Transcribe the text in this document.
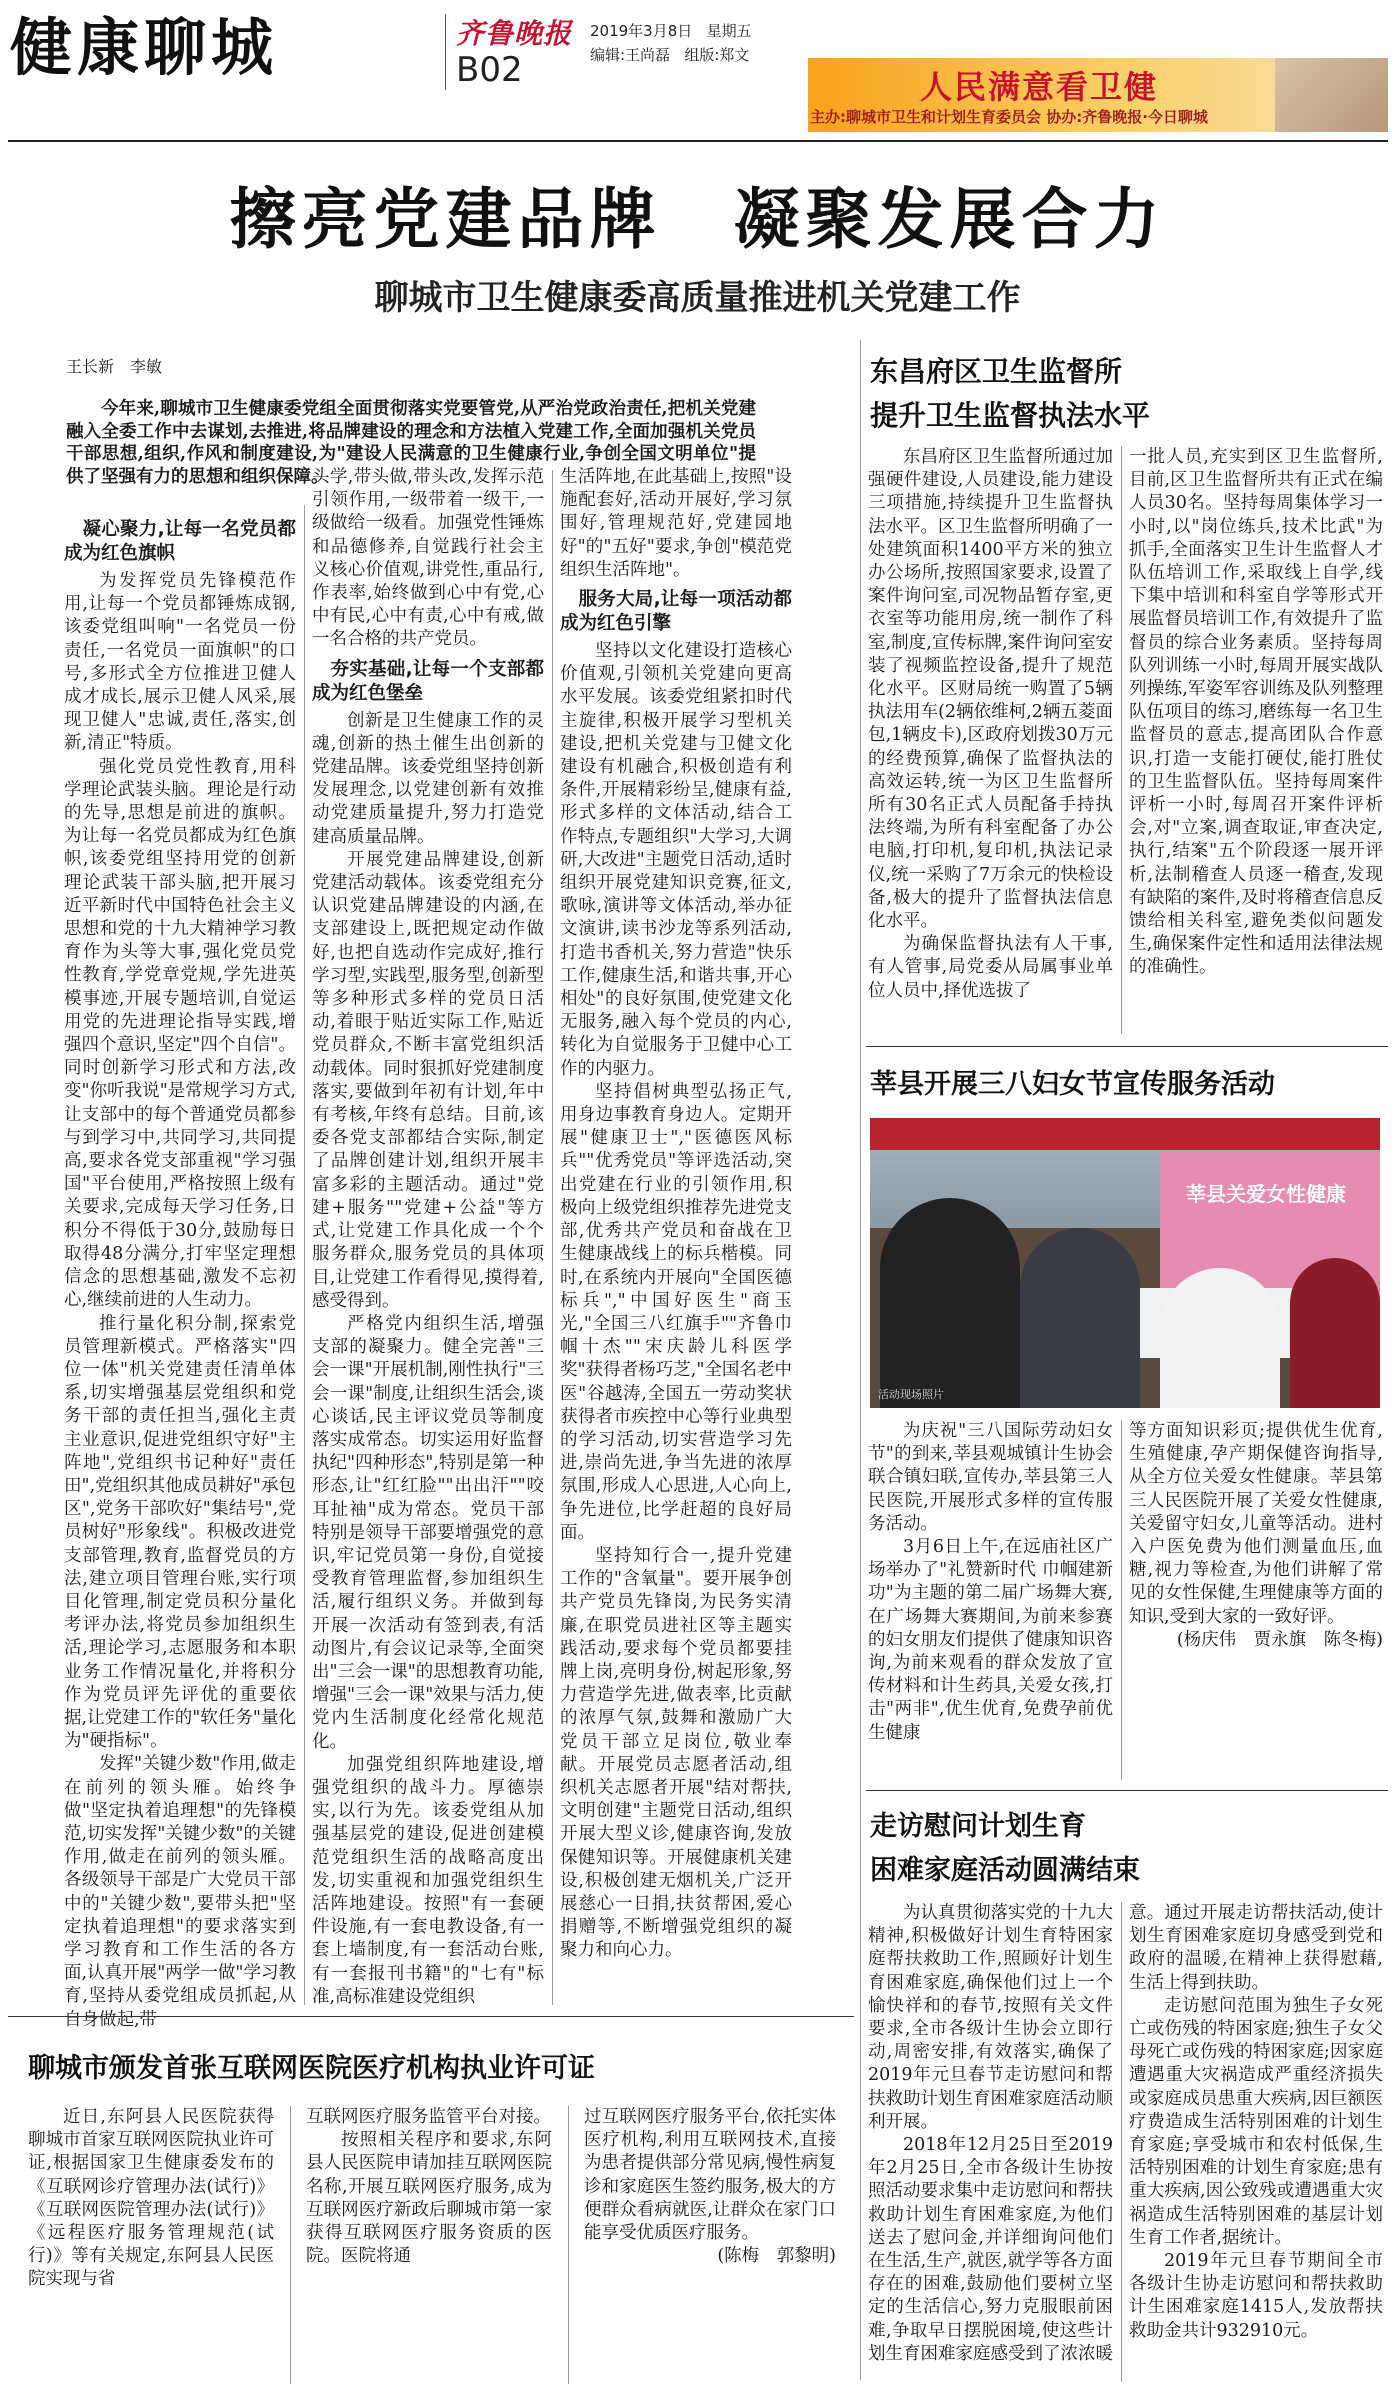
健康聊城	齐鲁晚报
B02
2019年3月8日 星期五
编辑:王尚磊 组版:郑文
人民满意看卫健
主办:聊城市卫生和计划生育委员会 协办:齐鲁晚报·今日聊城
擦亮党建品牌　凝聚发展合力
聊城市卫生健康委高质量推进机关党建工作
王长新　李敏

今年来,聊城市卫生健康委党组全面贯彻落实党要管党,从严治党政治责任,把机关党建融入全委工作中去谋划,去推进,将品牌建设的理念和方法植入党建工作,全面加强机关党员干部思想,组织,作风和制度建设,为"建设人民满意的卫生健康行业,争创全国文明单位"提供了坚强有力的思想和组织保障。

凝心聚力,让每一名党员都成为红色旗帜

为发挥党员先锋模范作用,让每一个党员都锤炼成钢,该委党组叫响"一名党员一份责任,一名党员一面旗帜"的口号,多形式全方位推进卫健人成才成长,展示卫健人风采,展现卫健人"忠诚,责任,落实,创新,清正"特质。

强化党员党性教育,用科学理论武装头脑。理论是行动的先导,思想是前进的旗帜。为让每一名党员都成为红色旗帜,该委党组坚持用党的创新理论武装干部头脑,把开展习近平新时代中国特色社会主义思想和党的十九大精神学习教育作为头等大事,强化党员党性教育,学党章党规,学先进英模事迹,开展专题培训,自觉运用党的先进理论指导实践,增强四个意识,坚定"四个自信"。同时创新学习形式和方法,改变"你听我说"是常规学习方式,让支部中的每个普通党员都参与到学习中,共同学习,共同提高,要求各党支部重视"学习强国"平台使用,严格按照上级有关要求,完成每天学习任务,日积分不得低于30分,鼓励每日取得48分满分,打牢坚定理想信念的思想基础,激发不忘初心,继续前进的人生动力。

推行量化积分制,探索党员管理新模式。严格落实"四位一体"机关党建责任清单体系,切实增强基层党组织和党务干部的责任担当,强化主责主业意识,促进党组织守好"主阵地",党组织书记种好"责任田",党组织其他成员耕好"承包区",党务干部吹好"集结号",党员树好"形象线"。积极改进党支部管理,教育,监督党员的方法,建立项目管理台账,实行项目化管理,制定党员积分量化考评办法,将党员参加组织生活,理论学习,志愿服务和本职业务工作情况量化,并将积分作为党员评先评优的重要依据,让党建工作的"软任务"量化为"硬指标"。

发挥"关键少数"作用,做走在前列的领头雁。始终争做"坚定执着追理想"的先锋模范,切实发挥"关键少数"的关键作用,做走在前列的领头雁。各级领导干部是广大党员干部中的"关键少数",要带头把"坚定执着追理想"的要求落实到学习教育和工作生活的各方面,认真开展"两学一做"学习教育,坚持从委党组成员抓起,从自身做起,带

头学,带头做,带头改,发挥示范引领作用,一级带着一级干,一级做给一级看。加强党性锤炼和品德修养,自觉践行社会主义核心价值观,讲党性,重品行,作表率,始终做到心中有党,心中有民,心中有责,心中有戒,做一名合格的共产党员。

夯实基础,让每一个支部都成为红色堡垒

创新是卫生健康工作的灵魂,创新的热土催生出创新的党建品牌。该委党组坚持创新发展理念,以党建创新有效推动党建质量提升,努力打造党建高质量品牌。

开展党建品牌建设,创新党建活动载体。该委党组充分认识党建品牌建设的内涵,在支部建设上,既把规定动作做好,也把自选动作完成好,推行学习型,实践型,服务型,创新型等多种形式多样的党员日活动,着眼于贴近实际工作,贴近党员群众,不断丰富党组织活动载体。同时狠抓好党建制度落实,要做到年初有计划,年中有考核,年终有总结。目前,该委各党支部都结合实际,制定了品牌创建计划,组织开展丰富多彩的主题活动。通过"党建+服务""党建+公益"等方式,让党建工作具化成一个个服务群众,服务党员的具体项目,让党建工作看得见,摸得着,感受得到。

严格党内组织生活,增强支部的凝聚力。健全完善"三会一课"开展机制,刚性执行"三会一课"制度,让组织生活会,谈心谈话,民主评议党员等制度落实成常态。切实运用好监督执纪"四种形态",特别是第一种形态,让"红红脸""出出汗""咬耳扯袖"成为常态。党员干部特别是领导干部要增强党的意识,牢记党员第一身份,自觉接受教育管理监督,参加组织生活,履行组织义务。并做到每开展一次活动有签到表,有活动图片,有会议记录等,全面突出"三会一课"的思想教育功能,增强"三会一课"效果与活力,使党内生活制度化经常化规范化。

加强党组织阵地建设,增强党组织的战斗力。厚德崇实,以行为先。该委党组从加强基层党的建设,促进创建模范党组织生活的战略高度出发,切实重视和加强党组织生活阵地建设。按照"有一套硬件设施,有一套电教设备,有一套上墙制度,有一套活动台账,有一套报刊书籍"的"七有"标准,高标准建设党组织

生活阵地,在此基础上,按照"设施配套好,活动开展好,学习氛围好,管理规范好,党建园地好"的"五好"要求,争创"模范党组织生活阵地"。

服务大局,让每一项活动都成为红色引擎

坚持以文化建设打造核心价值观,引领机关党建向更高水平发展。该委党组紧扣时代主旋律,积极开展学习型机关建设,把机关党建与卫健文化建设有机融合,积极创造有利条件,开展精彩纷呈,健康有益,形式多样的文体活动,结合工作特点,专题组织"大学习,大调研,大改进"主题党日活动,适时组织开展党建知识竞赛,征文,歌咏,演讲等文体活动,举办征文演讲,读书沙龙等系列活动,打造书香机关,努力营造"快乐工作,健康生活,和谐共事,开心相处"的良好氛围,使党建文化无服务,融入每个党员的内心,转化为自觉服务于卫健中心工作的内驱力。

坚持倡树典型弘扬正气,用身边事教育身边人。定期开展"健康卫士","医德医风标兵""优秀党员"等评选活动,突出党建在行业的引领作用,积极向上级党组织推荐先进党支部,优秀共产党员和奋战在卫生健康战线上的标兵楷模。同时,在系统内开展向"全国医德标兵","中国好医生"商玉光,"全国三八红旗手""齐鲁巾帼十杰""宋庆龄儿科医学奖"获得者杨巧芝,"全国名老中医"谷越涛,全国五一劳动奖状获得者市疾控中心等行业典型的学习活动,切实营造学习先进,崇尚先进,争当先进的浓厚氛围,形成人心思进,人心向上,争先进位,比学赶超的良好局面。

坚持知行合一,提升党建工作的"含氧量"。要开展争创共产党员先锋岗,为民务实清廉,在职党员进社区等主题实践活动,要求每个党员都要挂牌上岗,亮明身份,树起形象,努力营造学先进,做表率,比贡献的浓厚气氛,鼓舞和激励广大党员干部立足岗位,敬业奉献。开展党员志愿者活动,组织机关志愿者开展"结对帮扶,文明创建"主题党日活动,组织开展大型义诊,健康咨询,发放保健知识等。开展健康机关建设,积极创建无烟机关,广泛开展慈心一日捐,扶贫帮困,爱心捐赠等,不断增强党组织的凝聚力和向心力。

东昌府区卫生监督所
提升卫生监督执法水平

东昌府区卫生监督所通过加强硬件建设,人员建设,能力建设三项措施,持续提升卫生监督执法水平。区卫生监督所明确了一处建筑面积1400平方米的独立办公场所,按照国家要求,设置了案件询问室,司况物品暂存室,更衣室等功能用房,统一制作了科室,制度,宣传标牌,案件询问室安装了视频监控设备,提升了规范化水平。区财局统一购置了5辆执法用车(2辆依维柯,2辆五菱面包,1辆皮卡),区政府划拨30万元的经费预算,确保了监督执法的高效运转,统一为区卫生监督所所有30名正式人员配备手持执法终端,为所有科室配备了办公电脑,打印机,复印机,执法记录仪,统一采购了7万余元的快检设备,极大的提升了监督执法信息化水平。

为确保监督执法有人干事,有人管事,局党委从局属事业单位人员中,择优选拔了

一批人员,充实到区卫生监督所,目前,区卫生监督所共有正式在编人员30名。坚持每周集体学习一小时,以"岗位练兵,技术比武"为抓手,全面落实卫生计生监督人才队伍培训工作,采取线上自学,线下集中培训和科室自学等形式开展监督员培训工作,有效提升了监督员的综合业务素质。坚持每周队列训练一小时,每周开展实战队列操练,军姿军容训练及队列整理队伍项目的练习,磨练每一名卫生监督员的意志,提高团队合作意识,打造一支能打硬仗,能打胜仗的卫生监督队伍。坚持每周案件评析一小时,每周召开案件评析会,对"立案,调查取证,审查决定,执行,结案"五个阶段逐一展开评析,法制稽查人员逐一稽查,发现有缺陷的案件,及时将稽查信息反馈给相关科室,避免类似问题发生,确保案件定性和适用法律法规的准确性。

莘县开展三八妇女节宣传服务活动
莘县关爱女性健康
活动现场照片

为庆祝"三八国际劳动妇女节"的到来,莘县观城镇计生协会联合镇妇联,宣传办,莘县第三人民医院,开展形式多样的宣传服务活动。

3月6日上午,在远庙社区广场举办了"礼赞新时代 巾帼建新功"为主题的第二届广场舞大赛,在广场舞大赛期间,为前来参赛的妇女朋友们提供了健康知识咨询,为前来观看的群众发放了宣传材料和计生药具,关爱女孩,打击"两非",优生优育,免费孕前优生健康

等方面知识彩页;提供优生优育,生殖健康,孕产期保健咨询指导,从全方位关爱女性健康。莘县第三人民医院开展了关爱女性健康,关爱留守妇女,儿童等活动。进村入户医免费为他们测量血压,血糖,视力等检查,为他们讲解了常见的女性保健,生理健康等方面的知识,受到大家的一致好评。

(杨庆伟　贾永旗　陈冬梅)

走访慰问计划生育
困难家庭活动圆满结束

为认真贯彻落实党的十九大精神,积极做好计划生育特困家庭帮扶救助工作,照顾好计划生育困难家庭,确保他们过上一个愉快祥和的春节,按照有关文件要求,全市各级计生协会立即行动,周密安排,有效落实,确保了2019年元旦春节走访慰问和帮扶救助计划生育困难家庭活动顺利开展。

2018年12月25日至2019年2月25日,全市各级计生协按照活动要求集中走访慰问和帮扶救助计划生育困难家庭,为他们送去了慰问金,并详细询问他们在生活,生产,就医,就学等各方面存在的困难,鼓励他们要树立坚定的生活信心,努力克服眼前困难,争取早日摆脱困境,使这些计划生育困难家庭感受到了浓浓暖

意。通过开展走访帮扶活动,使计划生育困难家庭切身感受到党和政府的温暖,在精神上获得慰藉,生活上得到扶助。

走访慰问范围为独生子女死亡或伤残的特困家庭;独生子女父母死亡或伤残的特困家庭;因家庭遭遇重大灾祸造成严重经济损失或家庭成员患重大疾病,因巨额医疗费造成生活特别困难的计划生育家庭;享受城市和农村低保,生活特别困难的计划生育家庭;患有重大疾病,因公致残或遭遇重大灾祸造成生活特别困难的基层计划生育工作者,据统计。

2019年元旦春节期间全市各级计生协走访慰问和帮扶救助计生困难家庭1415人,发放帮扶救助金共计932910元。

聊城市颁发首张互联网医院医疗机构执业许可证

近日,东阿县人民医院获得聊城市首家互联网医院执业许可证,根据国家卫生健康委发布的《互联网诊疗管理办法(试行)》《互联网医院管理办法(试行)》《远程医疗服务管理规范(试行)》等有关规定,东阿县人民医院实现与省

互联网医疗服务监管平台对接。

按照相关程序和要求,东阿县人民医院申请加挂互联网医院名称,开展互联网医疗服务,成为互联网医疗新政后聊城市第一家获得互联网医疗服务资质的医院。医院将通

过互联网医疗服务平台,依托实体医疗机构,利用互联网技术,直接为患者提供部分常见病,慢性病复诊和家庭医生签约服务,极大的方便群众看病就医,让群众在家门口能享受优质医疗服务。

(陈梅　郭黎明)
